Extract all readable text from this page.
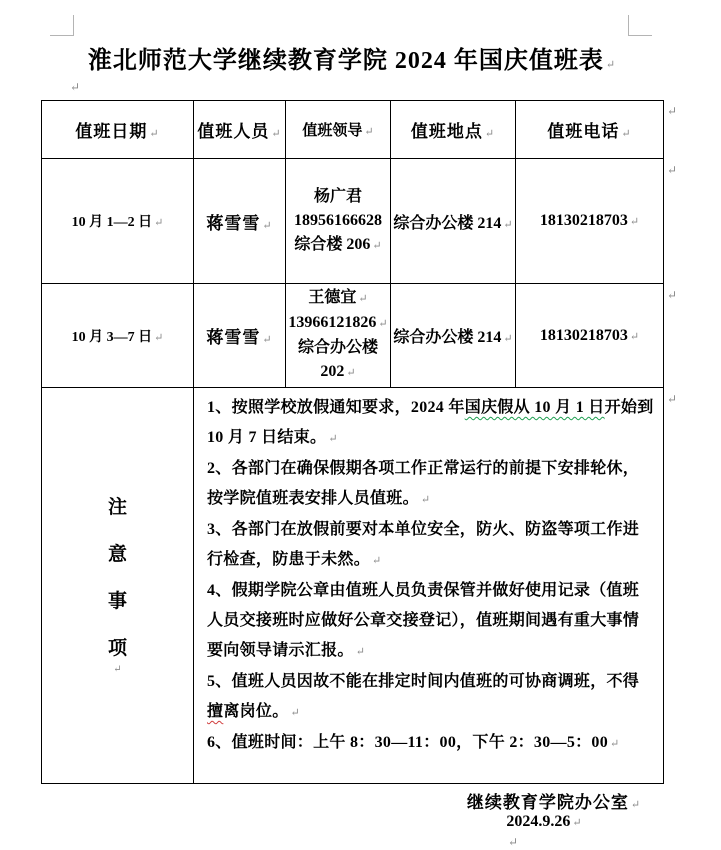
淮北师范大学继续教育学院 2024 年国庆值班表 ↵
↵
值班日期 ↵	值班人员 ↵	值班领导 ↵	值班地点 ↵	值班电话 ↵
10 月 1—2 日 ↵	蒋雪雪 ↵	杨广君
18956166628
综合楼 206 ↵	综合办公楼 214 ↵	18130218703 ↵
10 月 3—7 日 ↵	蒋雪雪 ↵	王德宜 ↵
13966121826 ↵
综合办公楼
202 ↵	综合办公楼 214 ↵	18130218703 ↵

注
意
事
项
↵

1、按照学校放假通知要求，2024 年国庆假从 10 月 1 日开始到 10 月 7 日结束。 ↵
2、各部门在确保假期各项工作正常运行的前提下安排轮休，按学院值班表安排人员值班。 ↵
3、各部门在放假前要对本单位安全，防火、防盗等项工作进行检查，防患于未然。 ↵
4、假期学院公章由值班人员负责保管并做好使用记录（值班人员交接班时应做好公章交接登记），值班期间遇有重大事情要向领导请示汇报。 ↵
5、值班人员因故不能在排定时间内值班的可协商调班，不得擅离岗位。 ↵
6、值班时间：上午 8：30—11：00，下午 2：30—5：00 ↵
↵
↵
↵
↵
继续教育学院办公室 ↵
2024.9.26 ↵
↵
